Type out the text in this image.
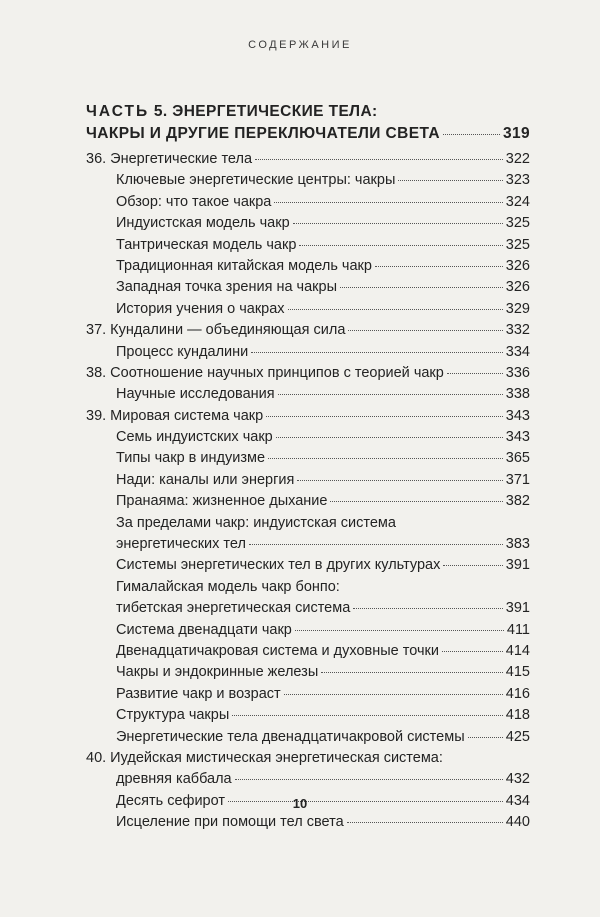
СОДЕРЖАНИЕ
ЧАСТЬ 5. ЭНЕРГЕТИЧЕСКИЕ ТЕЛА:
ЧАКРЫ И ДРУГИЕ ПЕРЕКЛЮЧАТЕЛИ СВЕТА	319
36. Энергетические тела	322
Ключевые энергетические центры: чакры	323
Обзор: что такое чакра	324
Индуистская модель чакр	325
Тантрическая модель чакр	325
Традиционная китайская модель чакр	326
Западная точка зрения на чакры	326
История учения о чакрах	329
37. Кундалини — объединяющая сила	332
Процесс кундалини	334
38. Соотношение научных принципов с теорией чакр	336
Научные исследования	338
39. Мировая система чакр	343
Семь индуистских чакр	343
Типы чакр в индуизме	365
Нади: каналы или энергия	371
Пранаяма: жизненное дыхание	382
За пределами чакр: индуистская система
энергетических тел	383
Системы энергетических тел в других культурах	391
Гималайская модель чакр бонпо:
тибетская энергетическая система	391
Система двенадцати чакр	411
Двенадцатичакровая система и духовные точки	414
Чакры и эндокринные железы	415
Развитие чакр и возраст	416
Структура чакры	418
Энергетические тела двенадцатичакровой системы	425
40. Иудейская мистическая энергетическая система:
древняя каббала	432
Десять сефирот	434
Исцеление при помощи тел света	440
10
